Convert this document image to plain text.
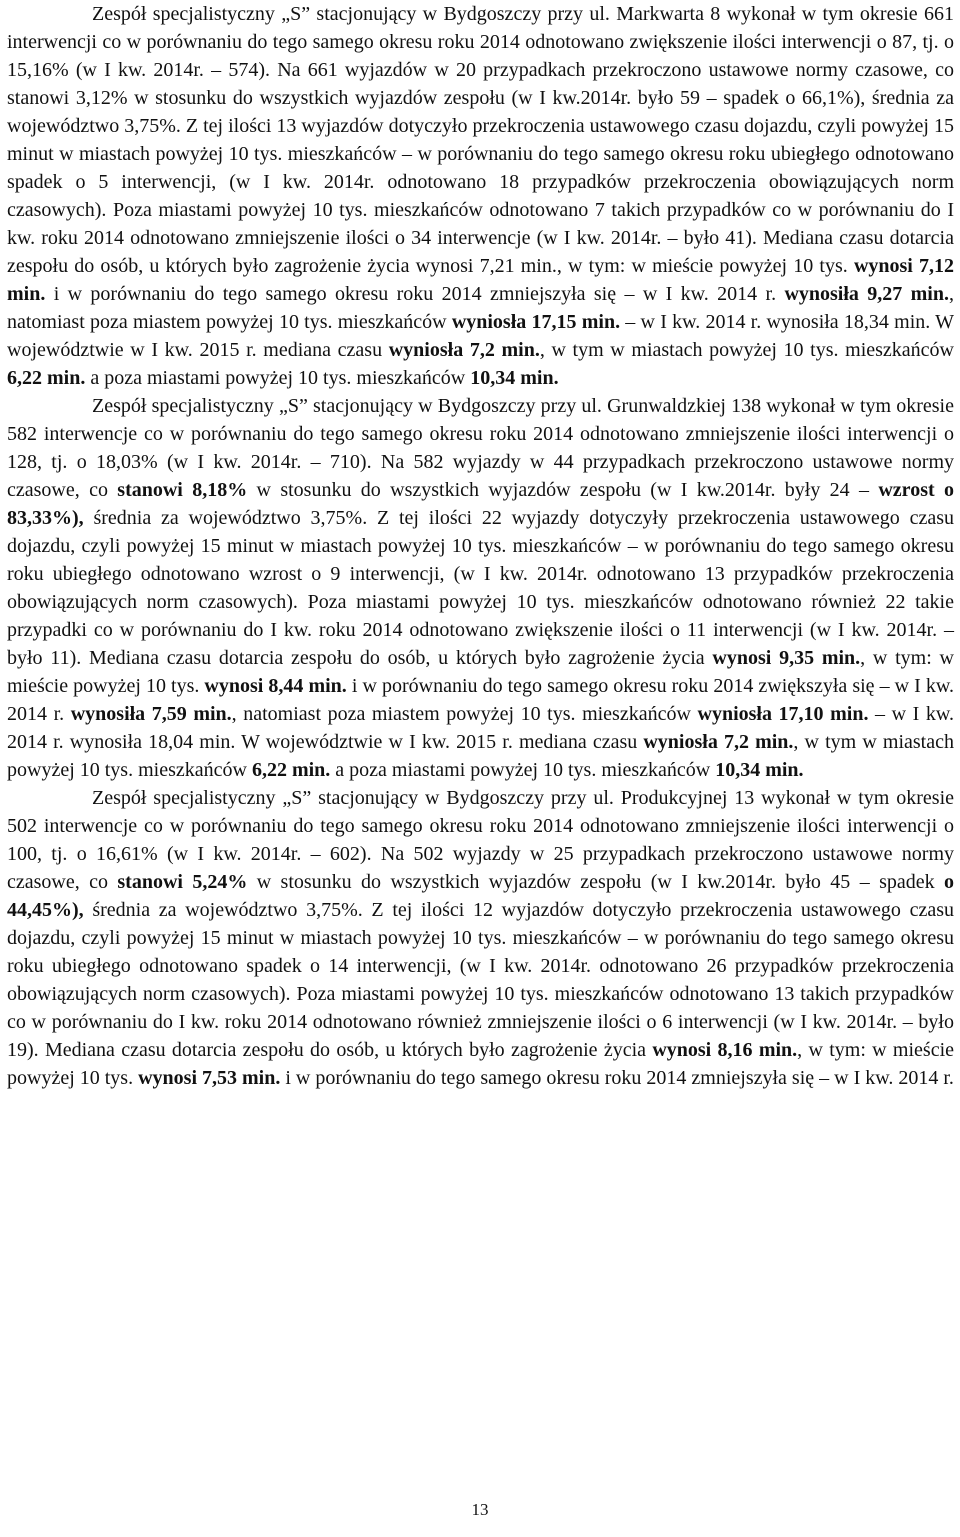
Zespół specjalistyczny „S” stacjonujący w Bydgoszczy przy ul. Markwarta 8 wykonał w tym okresie 661 interwencji co w porównaniu do tego samego okresu roku 2014 odnotowano zwiększenie ilości interwencji o 87, tj. o 15,16% (w I kw. 2014r. – 574). Na 661 wyjazdów w 20 przypadkach przekroczono ustawowe normy czasowe, co stanowi 3,12% w stosunku do wszystkich wyjazdów zespołu (w I kw.2014r. było 59 – spadek o 66,1%), średnia za województwo 3,75%. Z tej ilości 13 wyjazdów dotyczyło przekroczenia ustawowego czasu dojazdu, czyli powyżej 15 minut w miastach powyżej 10 tys. mieszkańców – w porównaniu do tego samego okresu roku ubiegłego odnotowano spadek o 5 interwencji, (w I kw. 2014r. odnotowano 18 przypadków przekroczenia obowiązujących norm czasowych). Poza miastami powyżej 10 tys. mieszkańców odnotowano 7 takich przypadków co w porównaniu do I kw. roku 2014 odnotowano zmniejszenie ilości o 34 interwencje (w I kw. 2014r. – było 41). Mediana czasu dotarcia zespołu do osób, u których było zagrożenie życia wynosi 7,21 min., w tym: w mieście powyżej 10 tys. wynosi 7,12 min. i w porównaniu do tego samego okresu roku 2014 zmniejszyła się – w I kw. 2014 r. wynosiła 9,27 min., natomiast poza miastem powyżej 10 tys. mieszkańców wyniosła 17,15 min. – w I kw. 2014 r. wynosiła 18,34 min. W województwie w I kw. 2015 r. mediana czasu wyniosła 7,2 min., w tym w miastach powyżej 10 tys. mieszkańców 6,22 min. a poza miastami powyżej 10 tys. mieszkańców 10,34 min.

Zespół specjalistyczny „S” stacjonujący w Bydgoszczy przy ul. Grunwaldzkiej 138 wykonał w tym okresie 582 interwencje co w porównaniu do tego samego okresu roku 2014 odnotowano zmniejszenie ilości interwencji o 128, tj. o 18,03% (w I kw. 2014r. – 710). Na 582 wyjazdy w 44 przypadkach przekroczono ustawowe normy czasowe, co stanowi 8,18% w stosunku do wszystkich wyjazdów zespołu (w I kw.2014r. były 24 – wzrost o 83,33%), średnia za województwo 3,75%. Z tej ilości 22 wyjazdy dotyczyły przekroczenia ustawowego czasu dojazdu, czyli powyżej 15 minut w miastach powyżej 10 tys. mieszkańców – w porównaniu do tego samego okresu roku ubiegłego odnotowano wzrost o 9 interwencji, (w I kw. 2014r. odnotowano 13 przypadków przekroczenia obowiązujących norm czasowych). Poza miastami powyżej 10 tys. mieszkańców odnotowano również 22 takie przypadki co w porównaniu do I kw. roku 2014 odnotowano zwiększenie ilości o 11 interwencji (w I kw. 2014r. – było 11). Mediana czasu dotarcia zespołu do osób, u których było zagrożenie życia wynosi 9,35 min., w tym: w mieście powyżej 10 tys. wynosi 8,44 min. i w porównaniu do tego samego okresu roku 2014 zwiększyła się – w I kw. 2014 r. wynosiła 7,59 min., natomiast poza miastem powyżej 10 tys. mieszkańców wyniosła 17,10 min. – w I kw. 2014 r. wynosiła 18,04 min. W województwie w I kw. 2015 r. mediana czasu wyniosła 7,2 min., w tym w miastach powyżej 10 tys. mieszkańców 6,22 min. a poza miastami powyżej 10 tys. mieszkańców 10,34 min.

Zespół specjalistyczny „S” stacjonujący w Bydgoszczy przy ul. Produkcyjnej 13 wykonał w tym okresie 502 interwencje co w porównaniu do tego samego okresu roku 2014 odnotowano zmniejszenie ilości interwencji o 100, tj. o 16,61% (w I kw. 2014r. – 602). Na 502 wyjazdy w 25 przypadkach przekroczono ustawowe normy czasowe, co stanowi 5,24% w stosunku do wszystkich wyjazdów zespołu (w I kw.2014r. było 45 – spadek o 44,45%), średnia za województwo 3,75%. Z tej ilości 12 wyjazdów dotyczyło przekroczenia ustawowego czasu dojazdu, czyli powyżej 15 minut w miastach powyżej 10 tys. mieszkańców – w porównaniu do tego samego okresu roku ubiegłego odnotowano spadek o 14 interwencji, (w I kw. 2014r. odnotowano 26 przypadków przekroczenia obowiązujących norm czasowych). Poza miastami powyżej 10 tys. mieszkańców odnotowano 13 takich przypadków co w porównaniu do I kw. roku 2014 odnotowano również zmniejszenie ilości o 6 interwencji (w I kw. 2014r. – było 19). Mediana czasu dotarcia zespołu do osób, u których było zagrożenie życia wynosi 8,16 min., w tym: w mieście powyżej 10 tys. wynosi 7,53 min. i w porównaniu do tego samego okresu roku 2014 zmniejszyła się – w I kw. 2014 r.

13
